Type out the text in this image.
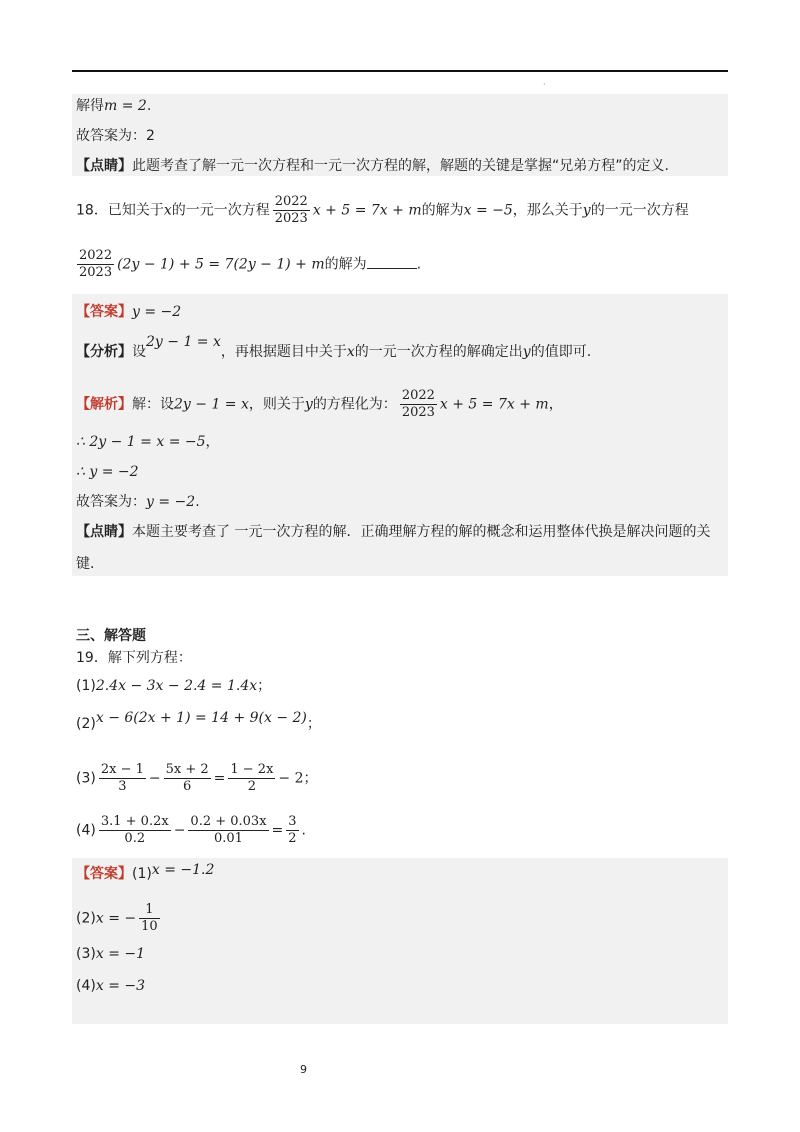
·
解得m = 2.
故答案为：2
【点睛】此题考查了解一元一次方程和一元一次方程的解，解题的关键是掌握“兄弟方程”的定义.
18．已知关于x的一元一次方程 $\frac{2022}{2023}$ x + 5 = 7x + m的解为x = −5，那么关于y的一元一次方程
$\frac{2022}{2023} (2y - 1) + 5 = 7(2y - 1) + m$的解为	.
【答案】y = −2
【分析】设2y − 1 = x，再根据题目中关于x的一元一次方程的解确定出y的值即可.
【解析】解：设2y − 1 = x，则关于y的方程化为： $\frac{2022}{2023}$ x + 5 = 7x + m，
∴ 2y − 1 = x = −5，
∴ y = −2
故答案为：y = −2.
【点睛】本题主要考查了 一元一次方程的解．正确理解方程的解的概念和运用整体代换是解决问题的关
键.
三、解答题
19．解下列方程：
(1)2.4x − 3x − 2.4 = 1.4x；
(2)x − 6(2x + 1) = 14 + 9(x − 2)；
$(3) \frac{2x - 1}{3} - \frac{5x + 2}{6} = \frac{1 - 2x}{2} - 2$；
$(4) \frac{3.1 + 0.2x}{0.2} - \frac{0.2 + 0.03x}{0.01} = \frac{3}{2}$ .
【答案】(1)x = −1.2
(2)x = − $\frac{1}{10}$
(3)x = −1
(4)x = −3
9
